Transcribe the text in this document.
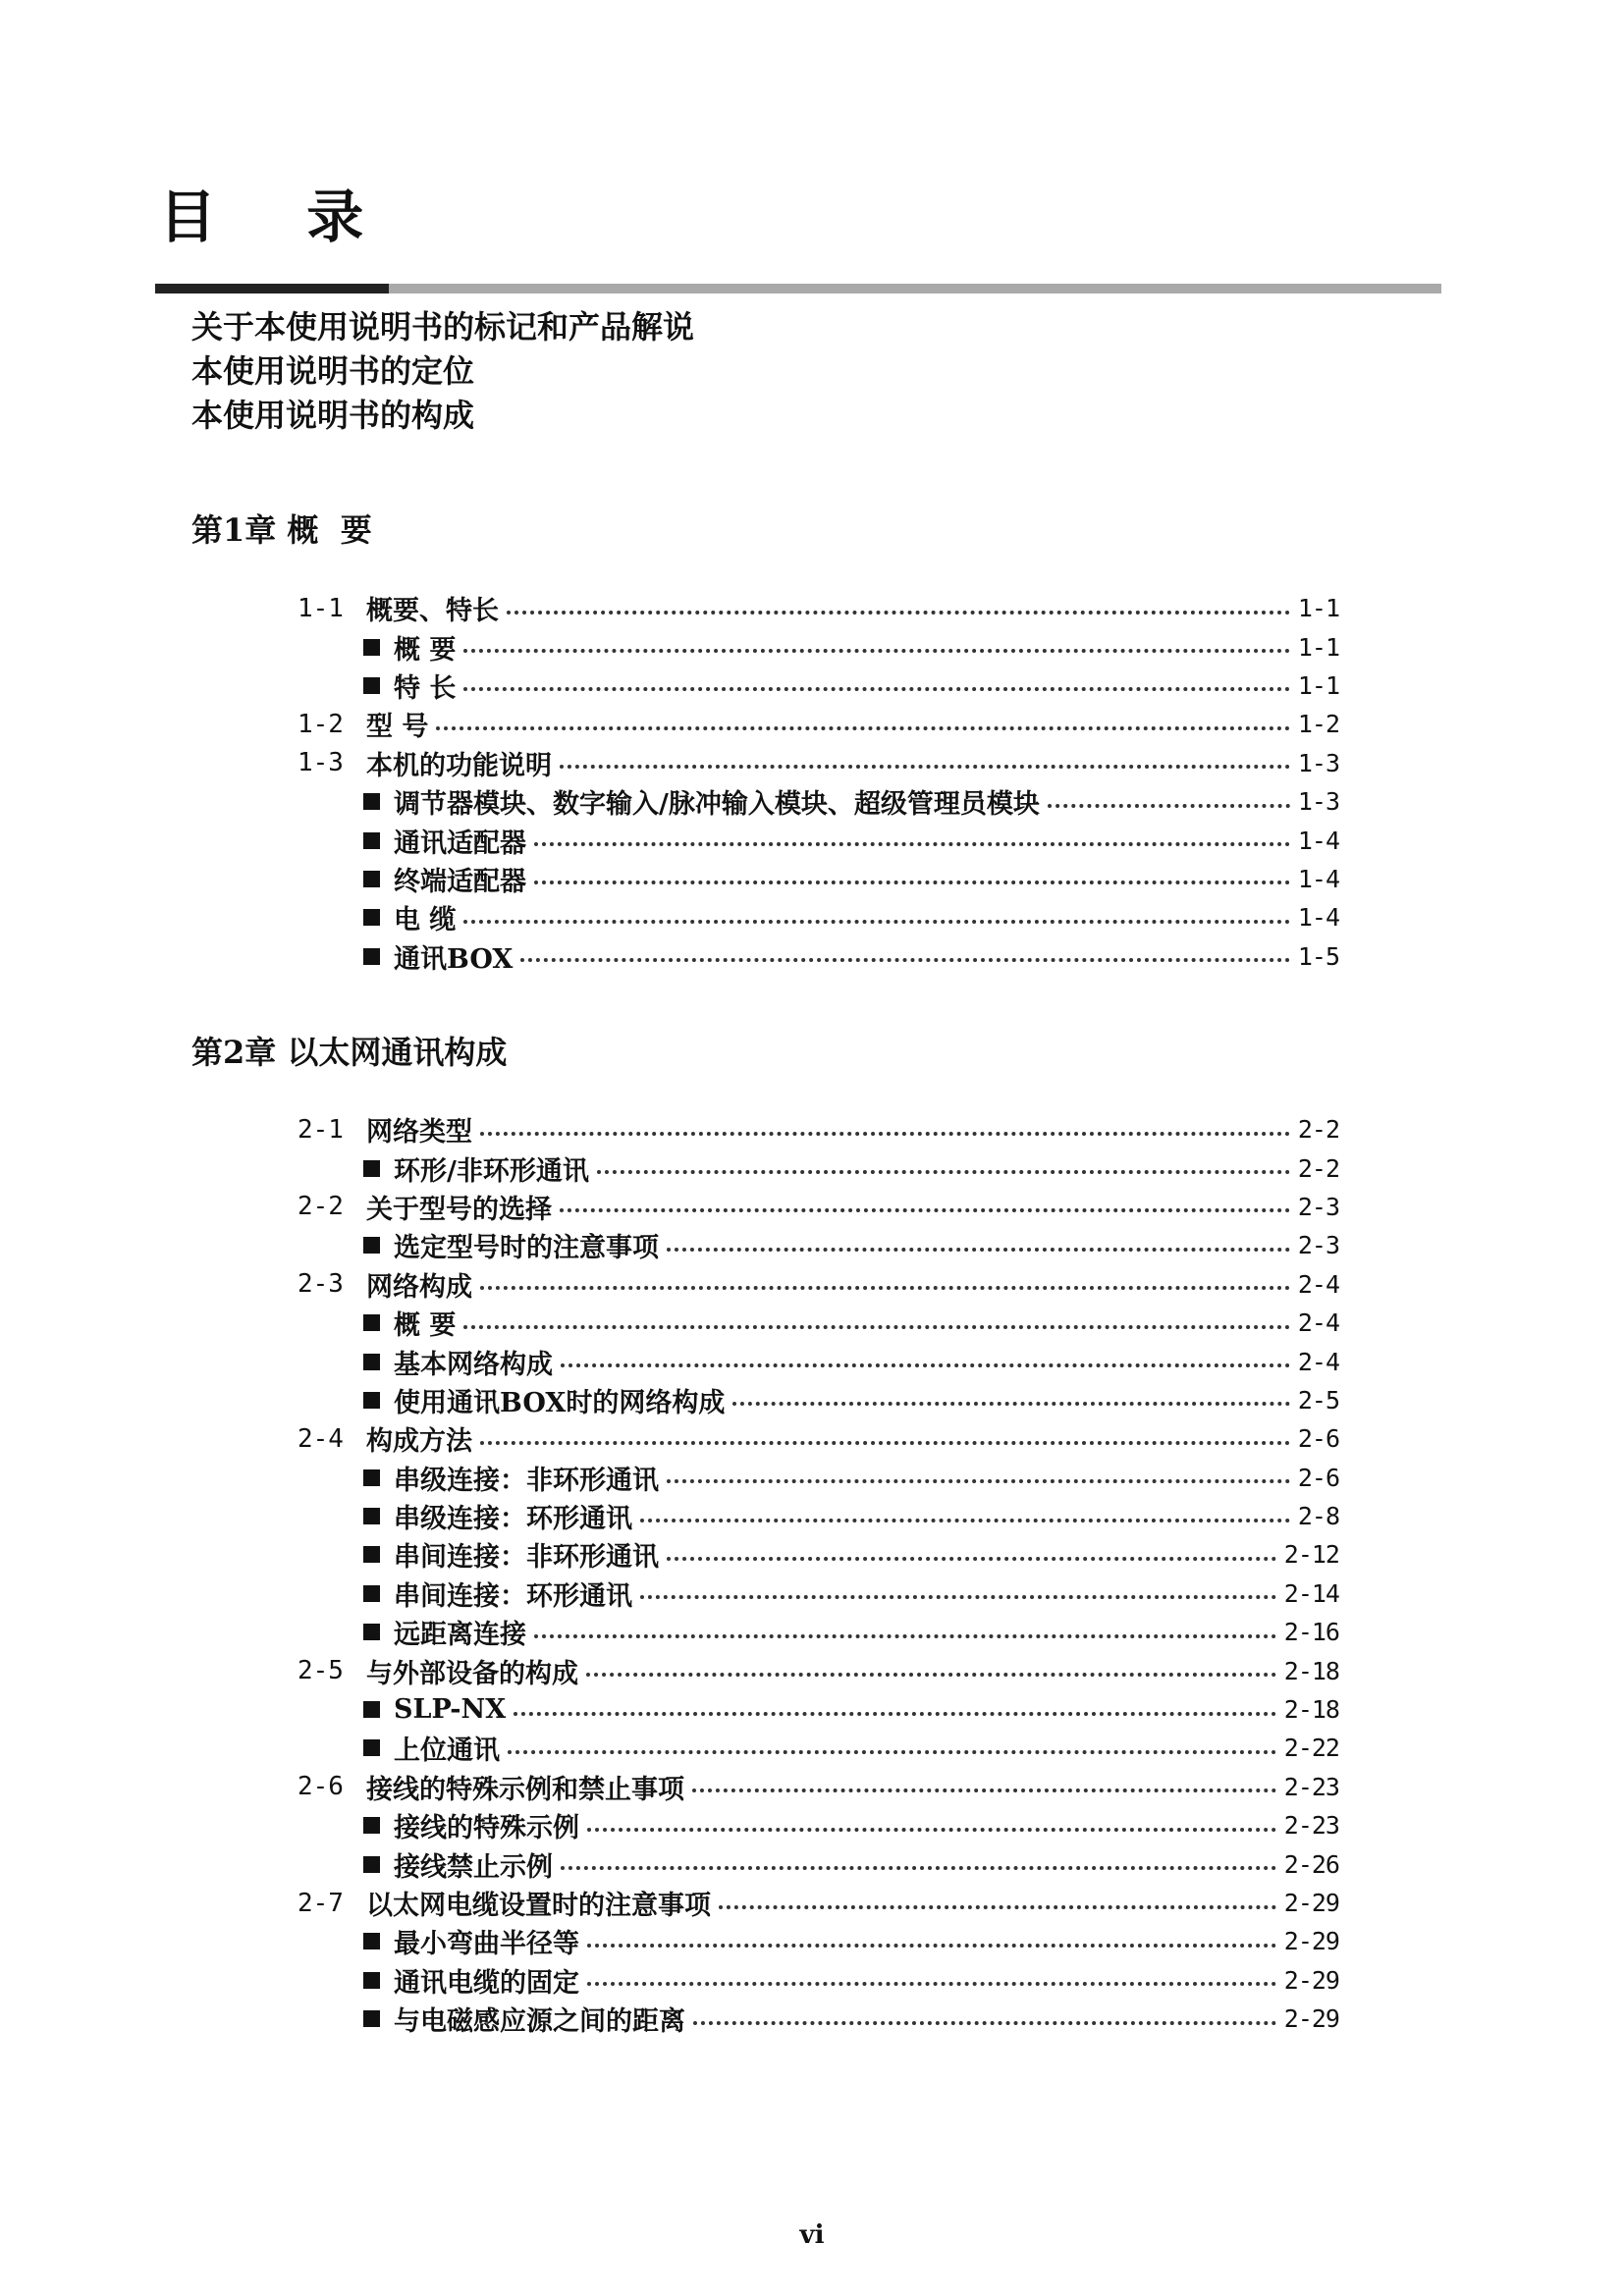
目 录
关于本使用说明书的标记和产品解说
本使用说明书的定位
本使用说明书的构成
第1章 概  要
1-1 概要、特长	1-1
概 要	1-1
特 长	1-1
1-2 型 号	1-2
1-3 本机的功能说明	1-3
调节器模块、数字输入/脉冲输入模块、超级管理员模块	1-3
通讯适配器	1-4
终端适配器	1-4
电 缆	1-4
通讯BOX	1-5
第2章 以太网通讯构成
2-1 网络类型	2-2
环形/非环形通讯	2-2
2-2 关于型号的选择	2-3
选定型号时的注意事项	2-3
2-3 网络构成	2-4
概 要	2-4
基本网络构成	2-4
使用通讯BOX时的网络构成	2-5
2-4 构成方法	2-6
串级连接：非环形通讯	2-6
串级连接：环形通讯	2-8
串间连接：非环形通讯	2-12
串间连接：环形通讯	2-14
远距离连接	2-16
2-5 与外部设备的构成	2-18
SLP-NX	2-18
上位通讯	2-22
2-6 接线的特殊示例和禁止事项	2-23
接线的特殊示例	2-23
接线禁止示例	2-26
2-7 以太网电缆设置时的注意事项	2-29
最小弯曲半径等	2-29
通讯电缆的固定	2-29
与电磁感应源之间的距离	2-29
vi
